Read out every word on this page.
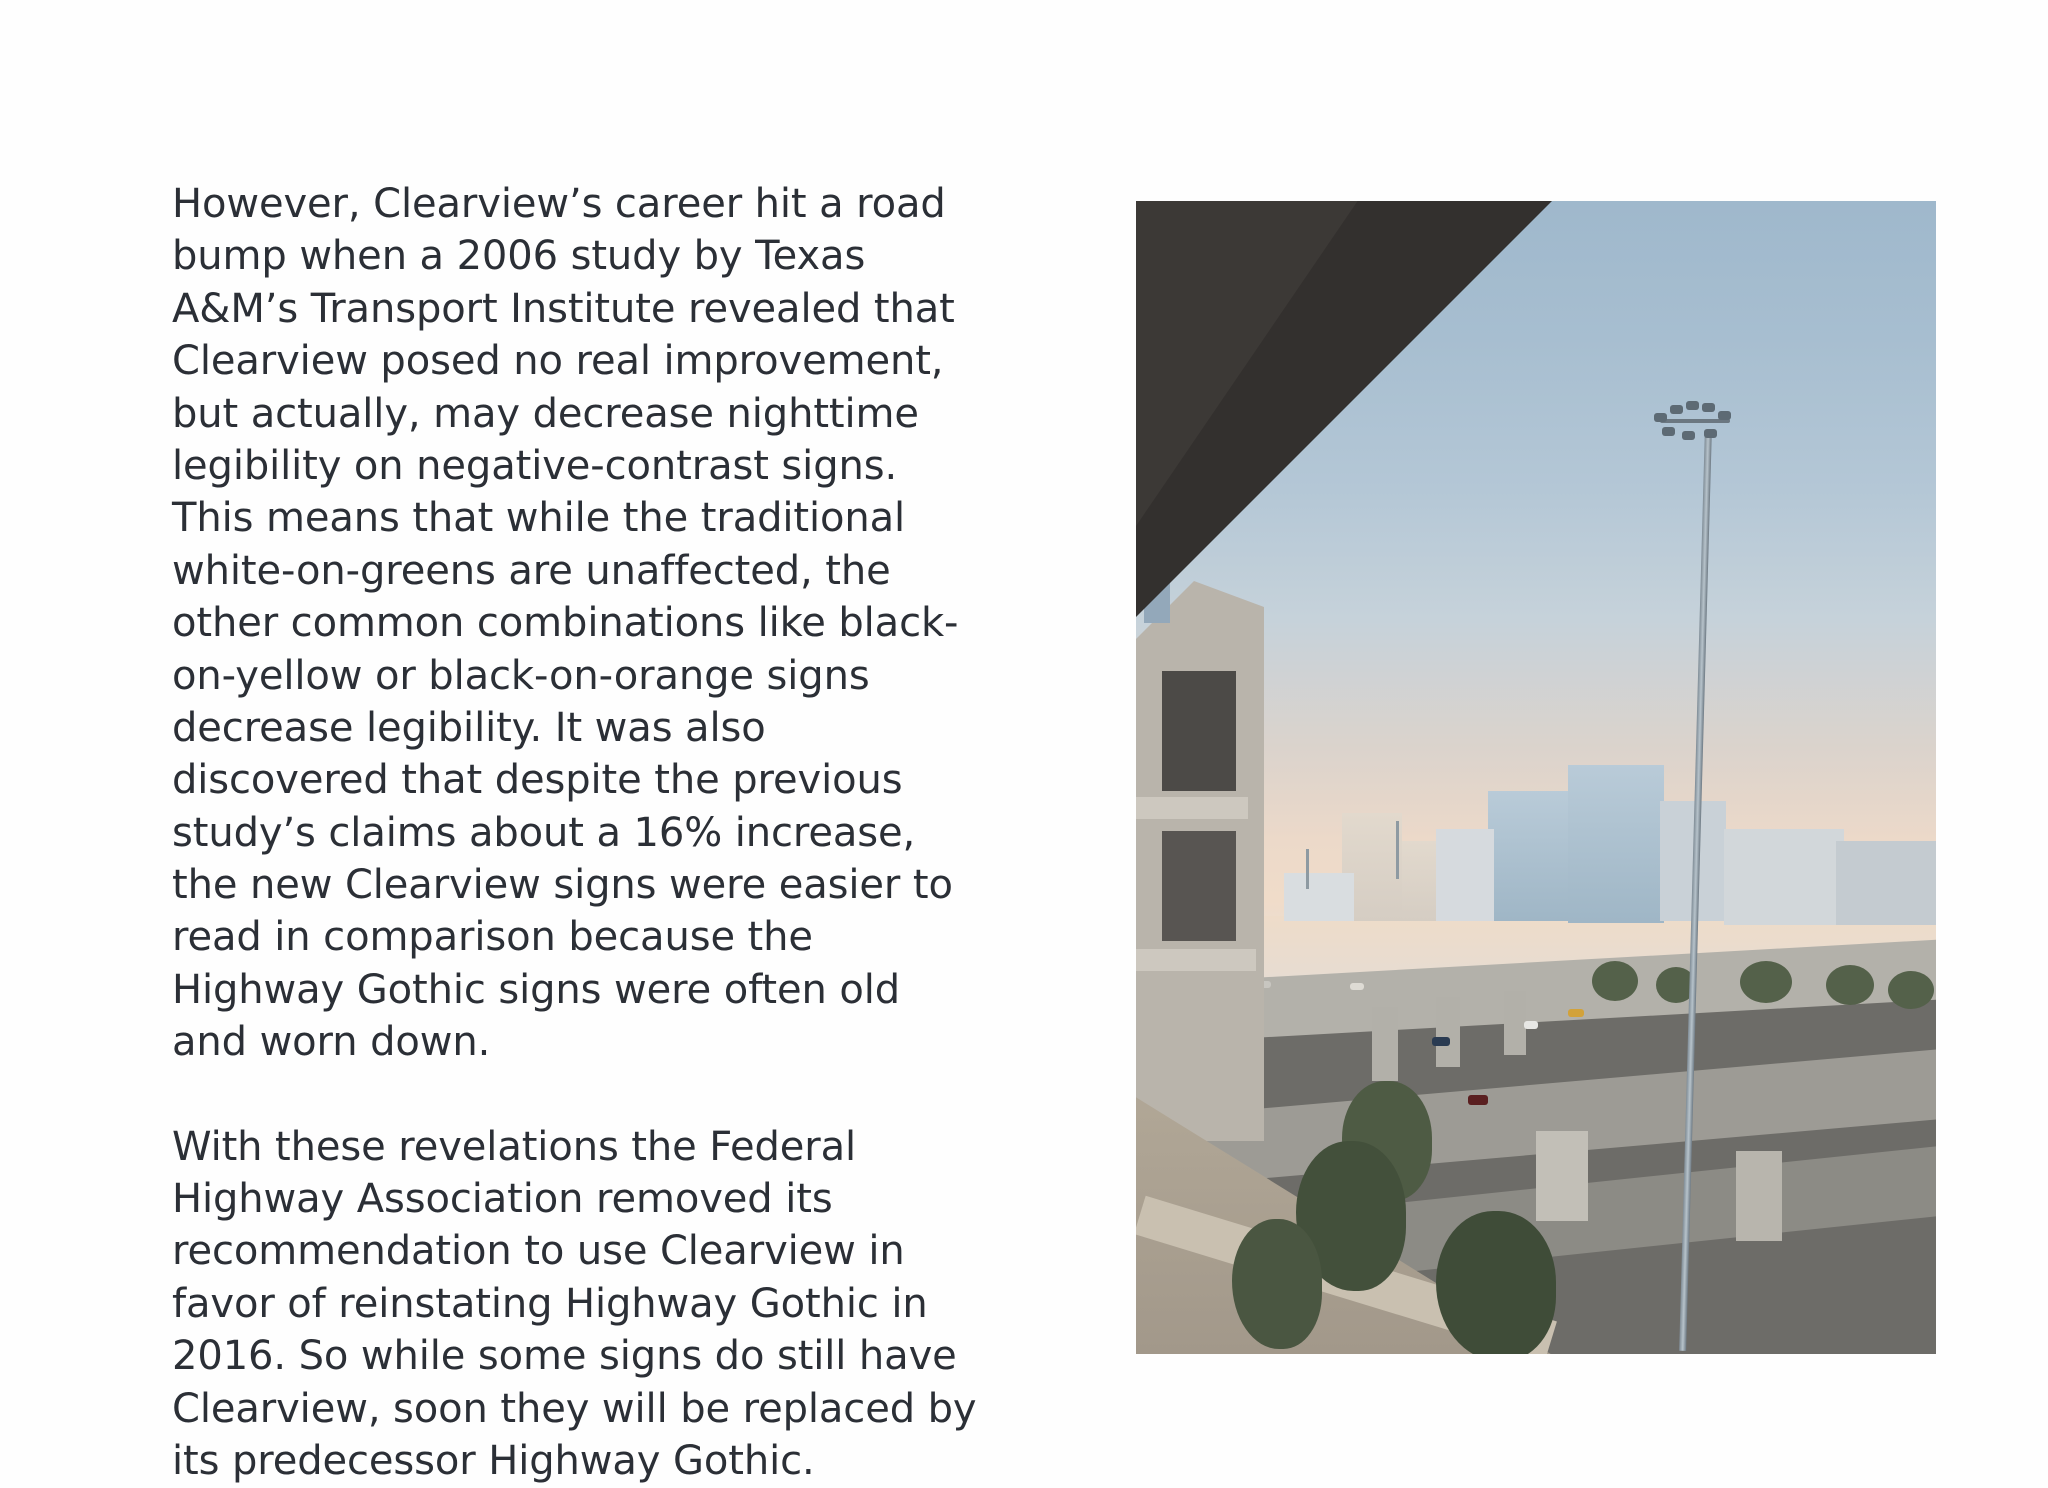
However, Clearview’s career hit a road bump when a 2006 study by Texas A&M’s Transport Institute revealed that Clearview posed no real improvement, but actually, may decrease nighttime legibility on negative-contrast signs. This means that while the traditional white-on-greens are unaffected, the other common combinations like black-on-yellow or black-on-orange signs decrease legibility. It was also discovered that despite the previous study’s claims about a 16% increase, the new Clearview signs were easier to read in comparison because the Highway Gothic signs were often old and worn down.

With these revelations the Federal Highway Association removed its recommendation to use Clearview in favor of reinstating Highway Gothic in 2016. So while some signs do still have Clearview, soon they will be replaced by its predecessor Highway Gothic.
